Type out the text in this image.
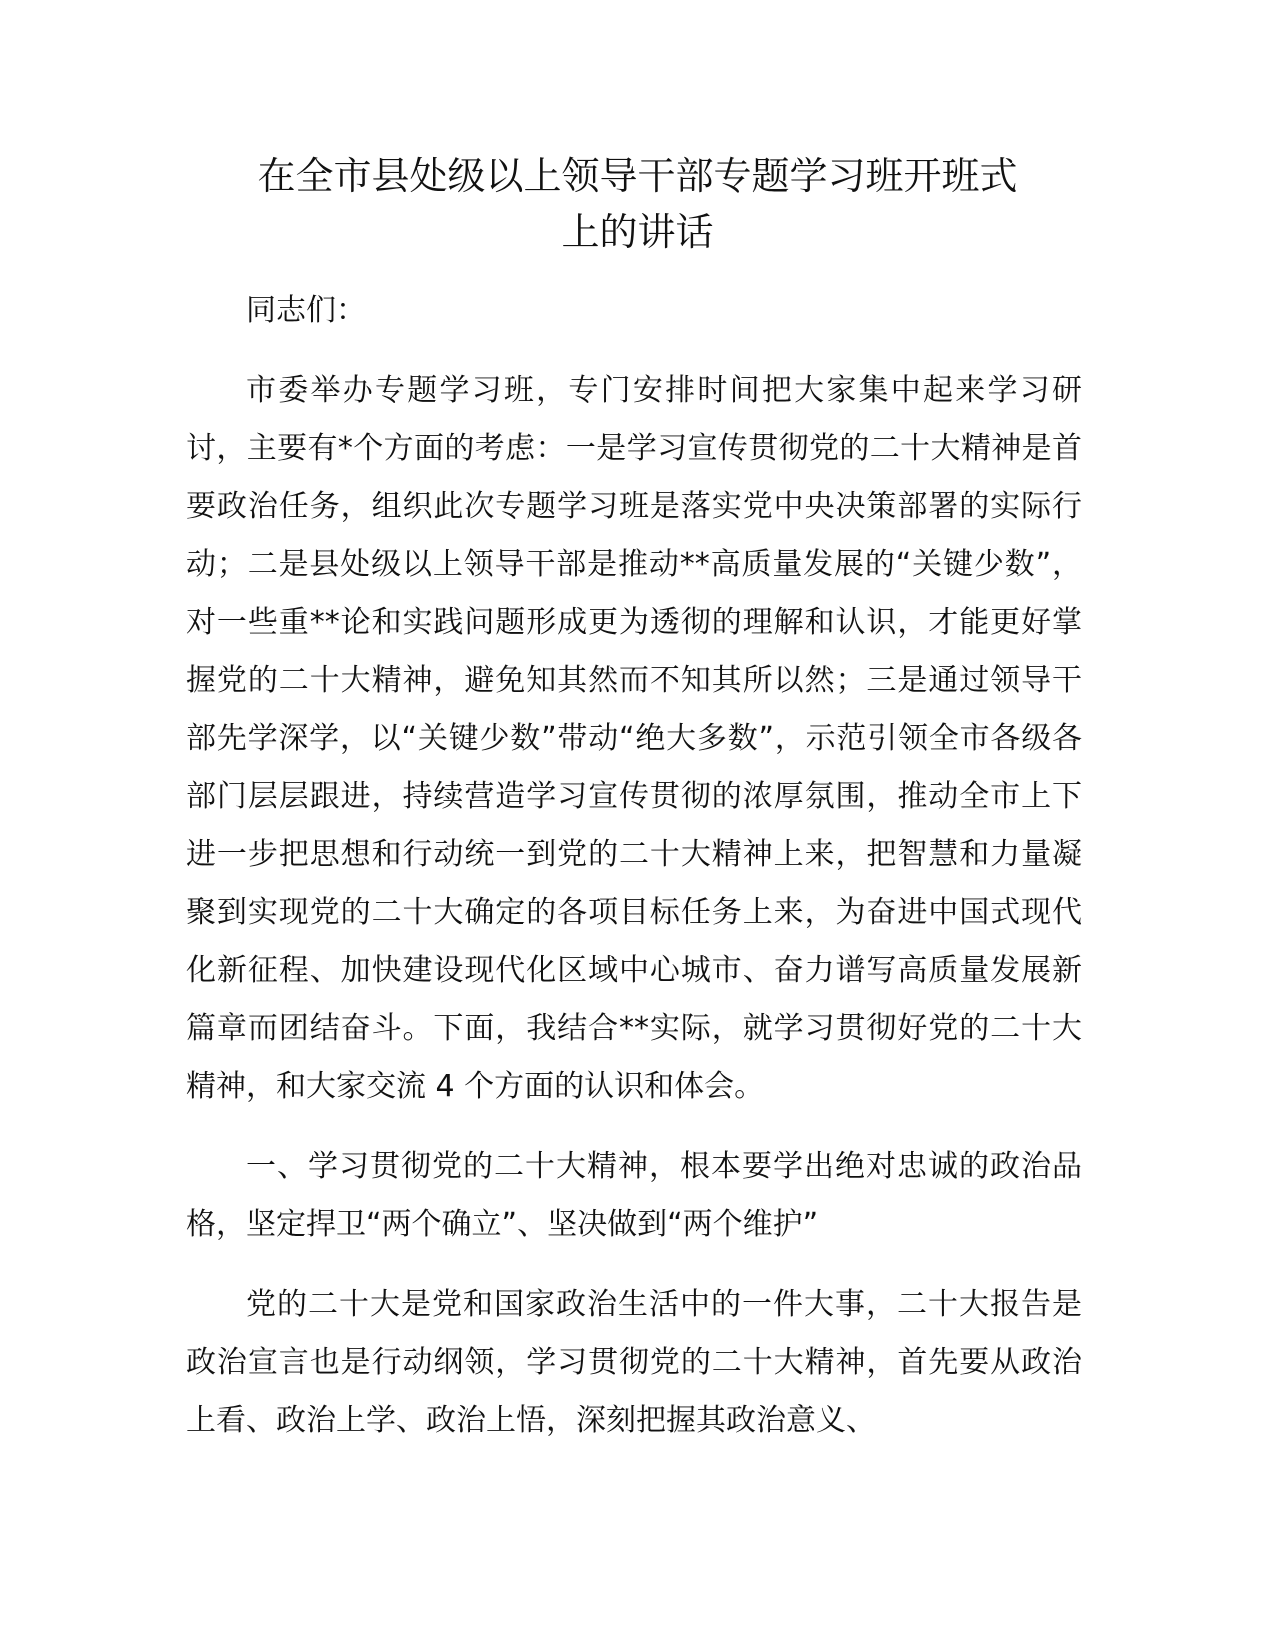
在全市县处级以上领导干部专题学习班开班式
上的讲话

同志们：

市委举办专题学习班，专门安排时间把大家集中起来学习研讨，主要有*个方面的考虑：一是学习宣传贯彻党的二十大精神是首要政治任务，组织此次专题学习班是落实党中央决策部署的实际行动；二是县处级以上领导干部是推动**高质量发展的“关键少数”，对一些重**论和实践问题形成更为透彻的理解和认识，才能更好掌握党的二十大精神，避免知其然而不知其所以然；三是通过领导干部先学深学，以“关键少数”带动“绝大多数”，示范引领全市各级各部门层层跟进，持续营造学习宣传贯彻的浓厚氛围，推动全市上下进一步把思想和行动统一到党的二十大精神上来，把智慧和力量凝聚到实现党的二十大确定的各项目标任务上来，为奋进中国式现代化新征程、加快建设现代化区域中心城市、奋力谱写高质量发展新篇章而团结奋斗。下面，我结合**实际，就学习贯彻好党的二十大精神，和大家交流 4 个方面的认识和体会。

一、学习贯彻党的二十大精神，根本要学出绝对忠诚的政治品格，坚定捍卫“两个确立”、坚决做到“两个维护”

党的二十大是党和国家政治生活中的一件大事，二十大报告是政治宣言也是行动纲领，学习贯彻党的二十大精神，首先要从政治上看、政治上学、政治上悟，深刻把握其政治意义、
